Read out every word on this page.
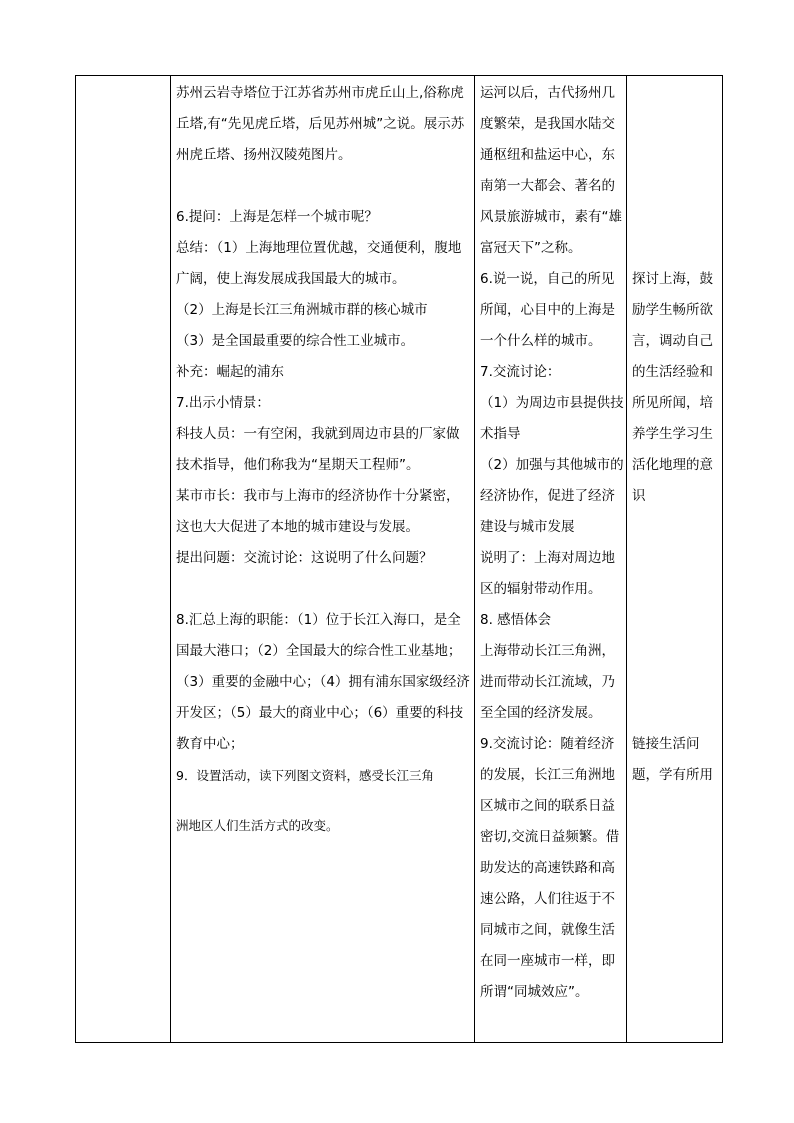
苏州云岩寺塔位于江苏省苏州市虎丘山上,俗称虎丘塔,有“先见虎丘塔，后见苏州城”之说。展示苏州虎丘塔、扬州汉陵苑图片。
6.提问：上海是怎样一个城市呢？
总结：（1）上海地理位置优越，交通便利，腹地广阔，使上海发展成我国最大的城市。
（2）上海是长江三角洲城市群的核心城市
（3）是全国最重要的综合性工业城市。
补充：崛起的浦东
7.出示小情景：
科技人员：一有空闲，我就到周边市县的厂家做技术指导，他们称我为“星期天工程师”。
某市市长：我市与上海市的经济协作十分紧密，这也大大促进了本地的城市建设与发展。
提出问题：交流讨论：这说明了什么问题？
8.汇总上海的职能：（1）位于长江入海口，是全国最大港口；（2）全国最大的综合性工业基地；（3）重要的金融中心；（4）拥有浦东国家级经济开发区；（5）最大的商业中心；（6）重要的科技教育中心；
9．设置活动，读下列图文资料，感受长江三角
洲地区人们生活方式的改变。

运河以后，古代扬州几度繁荣，是我国水陆交通枢纽和盐运中心，东南第一大都会、著名的风景旅游城市，素有“雄富冠天下”之称。
6.说一说，自己的所见所闻，心目中的上海是一个什么样的城市。
7.交流讨论：
（1）为周边市县提供技术指导
（2）加强与其他城市的经济协作，促进了经济建设与城市发展
说明了：上海对周边地区的辐射带动作用。
8. 感悟体会
上海带动长江三角洲，进而带动长江流域，乃至全国的经济发展。
9.交流讨论：随着经济的发展，长江三角洲地区城市之间的联系日益密切,交流日益频繁。借助发达的高速铁路和高速公路，人们往返于不同城市之间，就像生活在同一座城市一样，即所谓“同城效应”。

探讨上海，鼓励学生畅所欲言，调动自己的生活经验和所见所闻，培养学生学习生活化地理的意识
链接生活问题，学有所用
